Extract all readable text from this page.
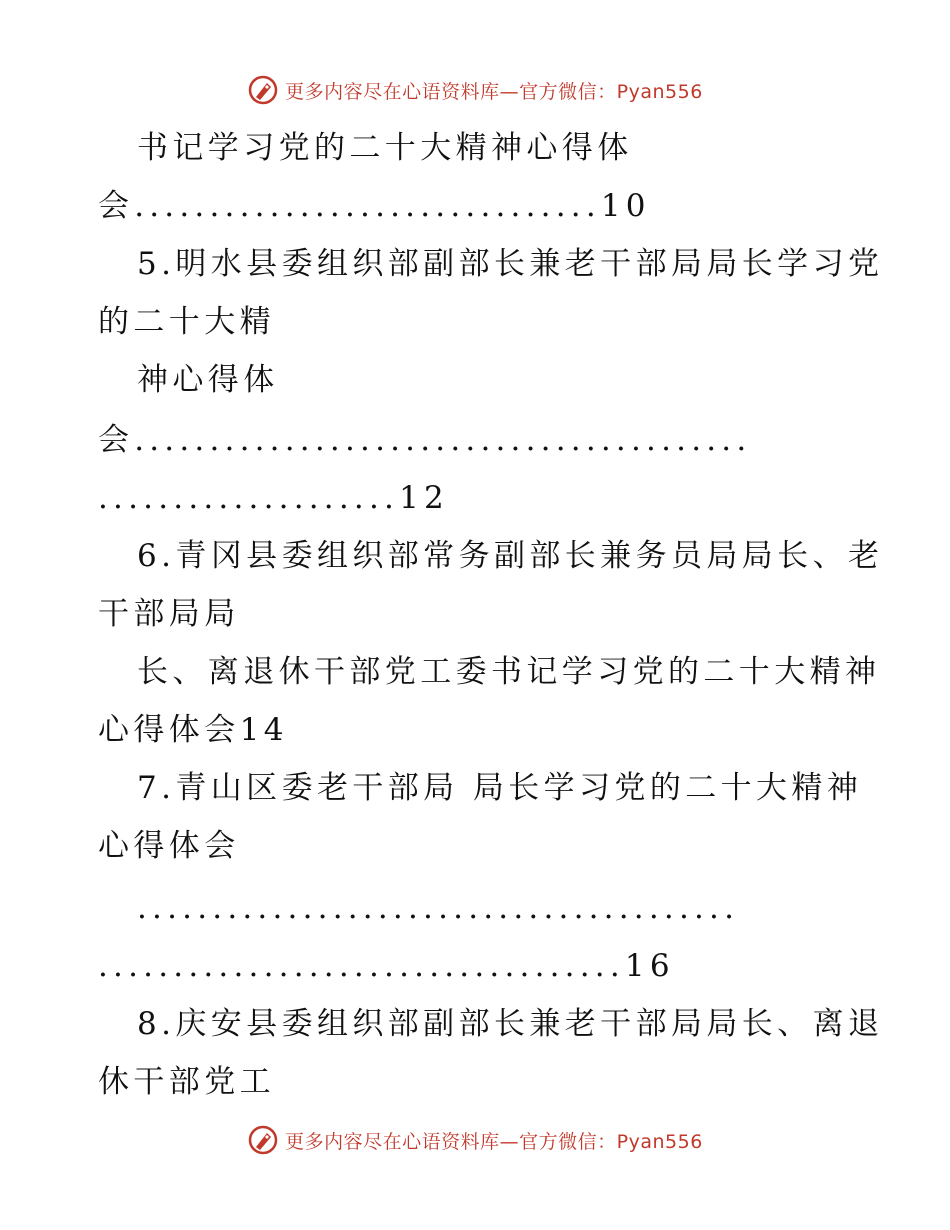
更多内容尽在心语资料库—官方微信：Pyan556
书记学习党的二十大精神心得体
会...............................10
5.明水县委组织部副部长兼老干部局局长学习党
的二十大精
神心得体
会.........................................
....................12
6.青冈县委组织部常务副部长兼务员局局长、老
干部局局
长、离退休干部党工委书记学习党的二十大精神
心得体会14
7.青山区委老干部局 局长学习党的二十大精神
心得体会
........................................
...................................16
8.庆安县委组织部副部长兼老干部局局长、离退
休干部党工
更多内容尽在心语资料库—官方微信：Pyan556
